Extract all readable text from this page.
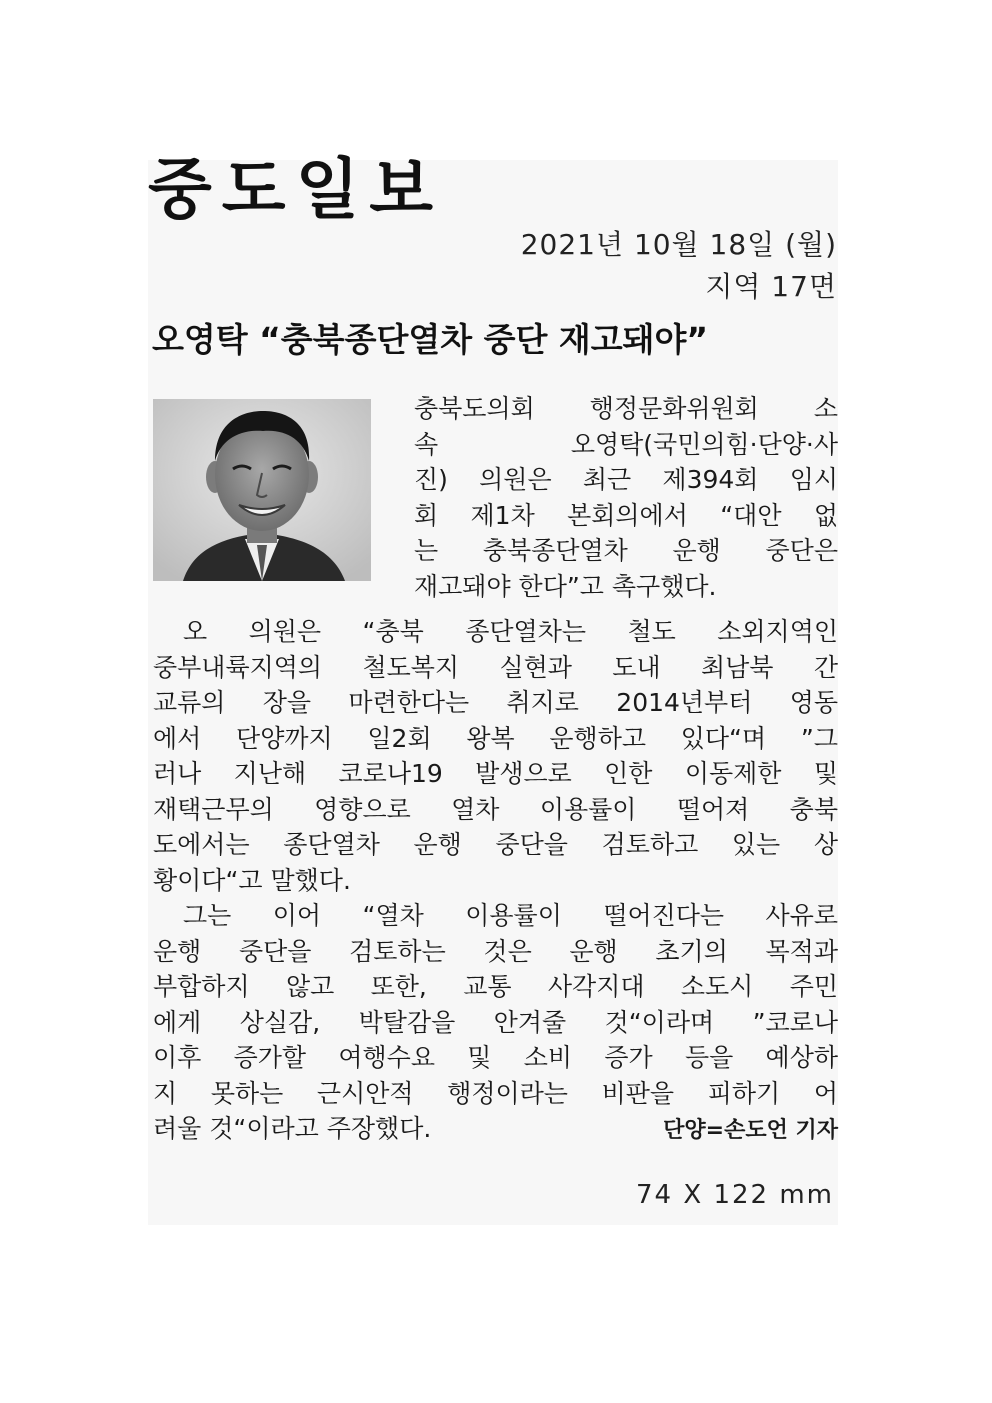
중도일보
2021년 10월 18일 (월)
지역 17면
오영탁 “충북종단열차 중단 재고돼야”
충북도의회 행정문화위원회 소
속 오영탁(국민의힘·단양·사
진) 의원은 최근 제394회 임시
회 제1차 본회의에서 “대안 없
는 충북종단열차 운행 중단은
재고돼야 한다”고 촉구했다.
오 의원은 “충북 종단열차는 철도 소외지역인
중부내륙지역의 철도복지 실현과 도내 최남북 간
교류의 장을 마련한다는 취지로 2014년부터 영동
에서 단양까지 일2회 왕복 운행하고 있다“며 ”그
러나 지난해 코로나19 발생으로 인한 이동제한 및
재택근무의 영향으로 열차 이용률이 떨어져 충북
도에서는 종단열차 운행 중단을 검토하고 있는 상
황이다“고 말했다.
그는 이어 “열차 이용률이 떨어진다는 사유로
운행 중단을 검토하는 것은 운행 초기의 목적과
부합하지 않고 또한, 교통 사각지대 소도시 주민
에게 상실감, 박탈감을 안겨줄 것“이라며 ”코로나
이후 증가할 여행수요 및 소비 증가 등을 예상하
지 못하는 근시안적 행정이라는 비판을 피하기 어
려울 것“이라고 주장했다.	단양=손도언 기자
74 X 122 mm
